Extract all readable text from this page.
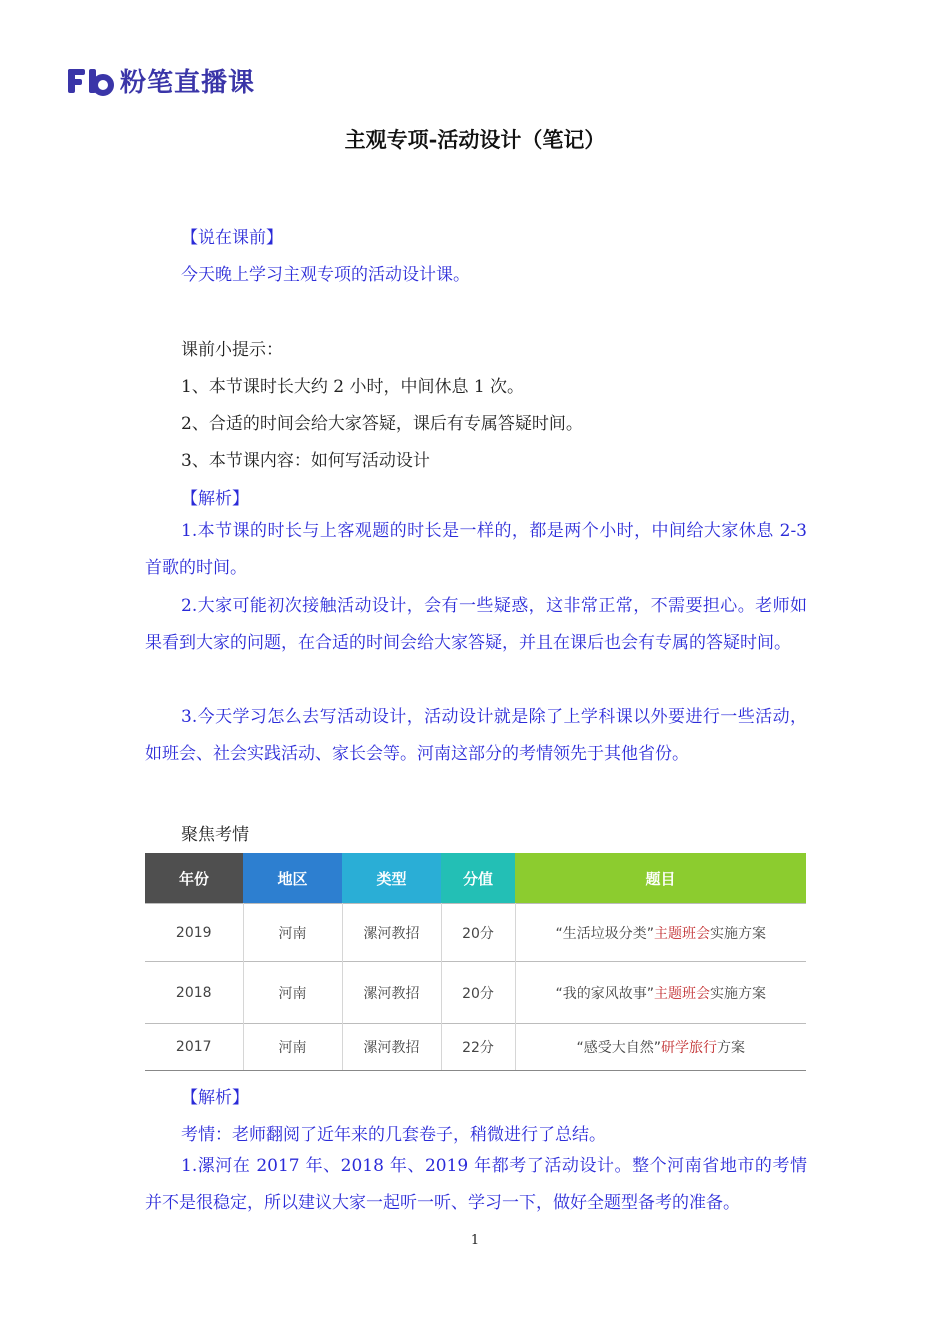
粉笔直播课
主观专项-活动设计（笔记）
【说在课前】
今天晚上学习主观专项的活动设计课。
课前小提示：
1、本节课时长大约 2 小时，中间休息 1 次。
2、合适的时间会给大家答疑，课后有专属答疑时间。
3、本节课内容：如何写活动设计
【解析】
1.本节课的时长与上客观题的时长是一样的，都是两个小时，中间给大家休息 2-3 首歌的时间。
2.大家可能初次接触活动设计，会有一些疑惑，这非常正常，不需要担心。老师如果看到大家的问题，在合适的时间会给大家答疑，并且在课后也会有专属的答疑时间。
3.今天学习怎么去写活动设计，活动设计就是除了上学科课以外要进行一些活动，如班会、社会实践活动、家长会等。河南这部分的考情领先于其他省份。
聚焦考情
年份	地区	类型	分值	题目
2019	河南	漯河教招	20分	“生活垃圾分类”主题班会实施方案
2018	河南	漯河教招	20分	“我的家风故事”主题班会实施方案
2017	河南	漯河教招	22分	“感受大自然”研学旅行方案
【解析】
考情：老师翻阅了近年来的几套卷子，稍微进行了总结。
1.漯河在 2017 年、2018 年、2019 年都考了活动设计。整个河南省地市的考情并不是很稳定，所以建议大家一起听一听、学习一下，做好全题型备考的准备。
1
